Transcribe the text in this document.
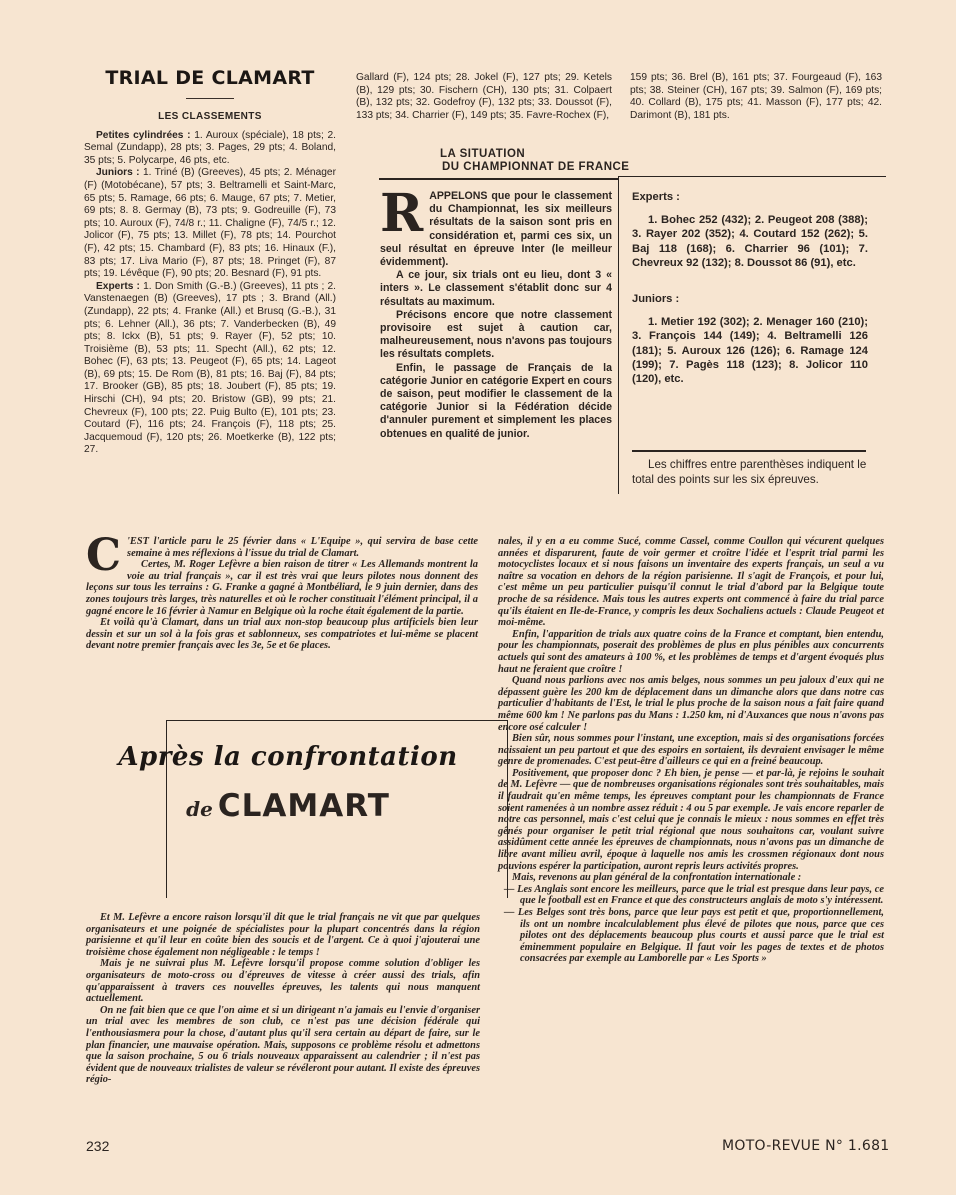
TRIAL DE CLAMART
LES CLASSEMENTS

Petites cylindrées : 1. Auroux (spéciale), 18 pts; 2. Semal (Zundapp), 28 pts; 3. Pages, 29 pts; 4. Boland, 35 pts; 5. Polycarpe, 46 pts, etc.

Juniors : 1. Triné (B) (Greeves), 45 pts; 2. Ménager (F) (Motobécane), 57 pts; 3. Beltramelli et Saint-Marc, 65 pts; 5. Ramage, 66 pts; 6. Mauge, 67 pts; 7. Metier, 69 pts; 8. 8. Germay (B), 73 pts; 9. Godreuille (F), 73 pts; 10. Auroux (F), 74/8 r.; 11. Chaligne (F), 74/5 r.; 12. Jolicor (F), 75 pts; 13. Millet (F), 78 pts; 14. Pourchot (F), 42 pts; 15. Chambard (F), 83 pts; 16. Hinaux (F.), 83 pts; 17. Liva Mario (F), 87 pts; 18. Pringet (F), 87 pts; 19. Lévêque (F), 90 pts; 20. Besnard (F), 91 pts.

Experts : 1. Don Smith (G.-B.) (Greeves), 11 pts ; 2. Vanstenaegen (B) (Greeves), 17 pts ; 3. Brand (All.) (Zundapp), 22 pts; 4. Franke (All.) et Brusq (G.-B.), 31 pts; 6. Lehner (All.), 36 pts; 7. Vanderbecken (B), 49 pts; 8. Ickx (B), 51 pts; 9. Rayer (F), 52 pts; 10. Troisième (B), 53 pts; 11. Specht (All.), 62 pts; 12. Bohec (F), 63 pts; 13. Peugeot (F), 65 pts; 14. Lageot (B), 69 pts; 15. De Rom (B), 81 pts; 16. Baj (F), 84 pts; 17. Brooker (GB), 85 pts; 18. Joubert (F), 85 pts; 19. Hirschi (CH), 94 pts; 20. Bristow (GB), 99 pts; 21. Chevreux (F), 100 pts; 22. Puig Bulto (E), 101 pts; 23. Coutard (F), 116 pts; 24. François (F), 118 pts; 25. Jacquemoud (F), 120 pts; 26. Moetkerke (B), 122 pts; 27.

Gallard (F), 124 pts; 28. Jokel (F), 127 pts; 29. Ketels (B), 129 pts; 30. Fischern (CH), 130 pts; 31. Colpaert (B), 132 pts; 32. Godefroy (F), 132 pts; 33. Doussot (F), 133 pts; 34. Charrier (F), 149 pts; 35. Favre-Rochex (F),

159 pts; 36. Brel (B), 161 pts; 37. Fourgeaud (F), 163 pts; 38. Steiner (CH), 167 pts; 39. Salmon (F), 169 pts; 40. Collard (B), 175 pts; 41. Masson (F), 177 pts; 42. Darimont (B), 181 pts.

LA SITUATION
DU CHAMPIONNAT DE FRANCE
R APPELONS que pour le classement du Championnat, les six meilleurs résultats de la saison sont pris en considération et, parmi ces six, un seul résultat en épreuve Inter (le meilleur évidemment).

A ce jour, six trials ont eu lieu, dont 3 « inters ». Le classement s'établit donc sur 4 résultats au maximum.

Précisons encore que notre classement provisoire est sujet à caution car, malheureusement, nous n'avons pas toujours les résultats complets.

Enfin, le passage de Français de la catégorie Junior en catégorie Expert en cours de saison, peut modifier le classement de la catégorie Junior si la Fédération décide d'annuler purement et simplement les places obtenues en qualité de junior.

Experts :

1. Bohec 252 (432); 2. Peugeot 208 (388); 3. Rayer 202 (352); 4. Coutard 152 (262); 5. Baj 118 (168); 6. Charrier 96 (101); 7. Chevreux 92 (132); 8. Doussot 86 (91), etc.

Juniors :

1. Metier 192 (302); 2. Menager 160 (210); 3. François 144 (149); 4. Beltramelli 126 (181); 5. Auroux 126 (126); 6. Ramage 124 (199); 7. Pagès 118 (123); 8. Jolicor 110 (120), etc.

Les chiffres entre parenthèses indiquent le total des points sur les six épreuves.

C 'EST l'article paru le 25 février dans « L'Equipe », qui servira de base cette semaine à mes réflexions à l'issue du trial de Clamart.

Certes, M. Roger Lefèvre a bien raison de titrer « Les Allemands montrent la voie au trial français », car il est très vrai que leurs pilotes nous donnent des leçons sur tous les terrains : G. Franke a gagné à Montbéliard, le 9 juin dernier, dans des zones toujours très larges, très naturelles et où le rocher constituait l'élément principal, il a gagné encore le 16 février à Namur en Belgique où la roche était également de la partie.

Et voilà qu'à Clamart, dans un trial aux non-stop beaucoup plus artificiels bien leur dessin et sur un sol à la fois gras et sablonneux, ses compatriotes et lui-même se placent devant notre premier français avec les 3e, 5e et 6e places.

Après la confrontation
de CLAMART

Et M. Lefèvre a encore raison lorsqu'il dit que le trial français ne vit que par quelques organisateurs et une poignée de spécialistes pour la plupart concentrés dans la région parisienne et qu'il leur en coûte bien des soucis et de l'argent. Ce à quoi j'ajouterai une troisième chose également non négligeable : le temps !

Mais je ne suivrai plus M. Lefèvre lorsqu'il propose comme solution d'obliger les organisateurs de moto-cross ou d'épreuves de vitesse à créer aussi des trials, afin qu'apparaissent à travers ces nouvelles épreuves, les talents qui nous manquent actuellement.

On ne fait bien que ce que l'on aime et si un dirigeant n'a jamais eu l'envie d'organiser un trial avec les membres de son club, ce n'est pas une décision fédérale qui l'enthousiasmera pour la chose, d'autant plus qu'il sera certain au départ de faire, sur le plan financier, une mauvaise opération. Mais, supposons ce problème résolu et admettons que la saison prochaine, 5 ou 6 trials nouveaux apparaissent au calendrier ; il n'est pas évident que de nouveaux trialistes de valeur se révéleront pour autant. Il existe des épreuves régio-

nales, il y en a eu comme Sucé, comme Cassel, comme Coullon qui vécurent quelques années et disparurent, faute de voir germer et croître l'idée et l'esprit trial parmi les motocyclistes locaux et si nous faisons un inventaire des experts français, un seul a vu naître sa vocation en dehors de la région parisienne. Il s'agit de François, et pour lui, c'est même un peu particulier puisqu'il connut le trial d'abord par la Belgique toute proche de sa résidence. Mais tous les autres experts ont commencé à faire du trial parce qu'ils étaient en Ile-de-France, y compris les deux Sochaliens actuels : Claude Peugeot et moi-même.

Enfin, l'apparition de trials aux quatre coins de la France et comptant, bien entendu, pour les championnats, poserait des problèmes de plus en plus pénibles aux concurrents actuels qui sont des amateurs à 100 %, et les problèmes de temps et d'argent évoqués plus haut ne feraient que croître !

Quand nous parlions avec nos amis belges, nous sommes un peu jaloux d'eux qui ne dépassent guère les 200 km de déplacement dans un dimanche alors que dans notre cas particulier d'habitants de l'Est, le trial le plus proche de la saison nous a fait faire quand même 600 km ! Ne parlons pas du Mans : 1.250 km, ni d'Auxances que nous n'avons pas encore osé calculer !

Bien sûr, nous sommes pour l'instant, une exception, mais si des organisations forcées naissaient un peu partout et que des espoirs en sortaient, ils devraient envisager le même genre de promenades. C'est peut-être d'ailleurs ce qui en a freiné beaucoup.

Positivement, que proposer donc ? Eh bien, je pense — et par-là, je rejoins le souhait de M. Lefèvre — que de nombreuses organisations régionales sont très souhaitables, mais il faudrait qu'en même temps, les épreuves comptant pour les championnats de France soient ramenées à un nombre assez réduit : 4 ou 5 par exemple. Je vais encore reparler de notre cas personnel, mais c'est celui que je connais le mieux : nous sommes en effet très gênés pour organiser le petit trial régional que nous souhaitons car, voulant suivre assidûment cette année les épreuves de championnats, nous n'avons pas un dimanche de libre avant milieu avril, époque à laquelle nos amis les crossmen régionaux dont nous pouvions espérer la participation, auront repris leurs activités propres.

Mais, revenons au plan général de la confrontation internationale :

— Les Anglais sont encore les meilleurs, parce que le trial est presque dans leur pays, ce que le football est en France et que des constructeurs anglais de moto s'y intéressent.

— Les Belges sont très bons, parce que leur pays est petit et que, proportionnellement, ils ont un nombre incalculablement plus élevé de pilotes que nous, parce que ces pilotes ont des déplacements beaucoup plus courts et aussi parce que le trial est éminemment populaire en Belgique. Il faut voir les pages de textes et de photos consacrées par exemple au Lamborelle par « Les Sports »

232	MOTO-REVUE N° 1.681
